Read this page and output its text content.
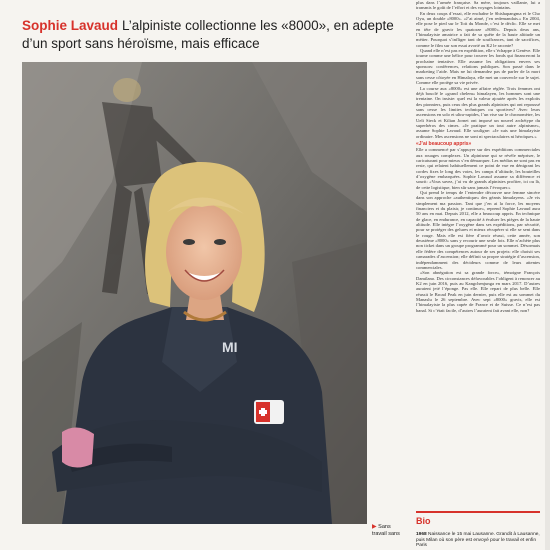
Sophie Lavaud L’alpiniste collectionne les «8000», en adepte d’un sport sans héroïsme, mais efficace
MI
▶ Sans travail sans

plus dans l’armée française. Sa mère, toujours vaillante, lui a transmis le goût de l’effort et des voyages lointains.

En deux coups d’essai, elle enchaîne le Shishapangma et le Cho Oyu, un double «8000». «J’ai aimé, j’en redemandais.» En 2004, elle pose le pied sur le Toit du Monde, c’est le déclic. Elle se met en tête de gravir les quatorze «8000». Depuis deux ans, l’himalayiste amatrice a fait de sa quête de la haute altitude un métier. Pourquoi s’infliger tant de souffrances, tant de sacrifices, comme le film sur son essai avorté au K2 le raconte?

Quand elle n’est pas en expédition, elle s’échappe à Genève. Elle tourne comme une hélice pour trouver les fonds qui financeront la prochaine tentative. Elle assume les obligations envers ses sponsors: conférences, relations publiques. Son passé dans le marketing l’aide. Mais ne lui demandez pas de parler de la mort sans cesse côtoyée en Himalaya, elle met un couvercle sur le sujet. Comme elle protège sa vie privée.

La course aux «8000» est une affaire réglée. Trois femmes ont déjà bouclé le «grand chelem» himalayen, les hommes sont une trentaine. On insiste: quel est la valeur ajoutée après les exploits des pionniers, puis ceux des plus grands alpinistes qui ont repoussé sans cesse les limites techniques ou sportives? Avec leurs ascensions en solo et ultra-rapides, l’un vise sur le chronomètre, les Ueli Steck et Kilian Jornet ont imposé un nouvel archétype du superhéros des cimes. «Je pratique un tout autre alpinisme», assume Sophie Lavaud. Elle souligne: «Je suis une himalayiste ordinaire. Mes ascensions ne sont ni spectaculaires ni héroïques.»

«J’ai beaucoup appris»

Elle a commencé par s’appuyer sur des expéditions commerciales aux rouages complexes. Un alpinisme qui se révèle mépriser, le caricaturant pour mieux s’en démarquer. Les médias ne sont pas en reste, qui relaient habituellement ce point de vue en dénigrant les cordes fixes le long des voies, les camps d’altitude, les bouteilles d’oxygène embarquées. Sophie Lavaud assume sa différence et sourit: «Vous savez, j’ai vu de grands alpinistes profiter, ici ou là, de cette logistique, bien sûr sans jamais l’évoquer.»

Qui prend le temps de l’entendre découvre une femme sincère dans son approche «authentique» des géants himalayens. «Je vis simplement ma passion. Tant que j’en ai la force, les moyens financiers et du plaisir, je continue», reprend Sophie Lavaud aura 50 ans en mai. Depuis 2012, elle a beaucoup appris. En technique de glace, en endurance, en capacité à évaluer les pièges de la haute altitude. Elle intègre l’oxygène dans ses expéditions, par sécurité, pour se protéger des gelures et mieux récupérer si elle se sent dans le rouge. Mais elle est fière d’avoir réussi, cette année, son deuxième «8000» sans y recourir une seule fois. Elle n’achète plus non ticket dans un groupe programmé pour un sommet. Désormais elle fédère des compétences autour de ses projets: elle choisit ses camarades d’ascension; elle définit sa propre stratégie d’ascension, indépendamment des décideurs comme de leurs attentes commerciales.

«Son abnégation est sa grande force», témoigne François Damilano. Des circonstances défavorables l’obligent à renoncer au K2 en juin 2016, puis au Kangchenjunga en mars 2017. D’autres auraient jeté l’éponge. Pas elle. Elle repart de plus belle. Elle réussit le Broad Peak en juin dernier, puis elle est au sommet du Manaslu le 26 septembre. Avec sept «8000» gravis, elle est l’himalayiste la plus capée de France et de Suisse. Ce n’est pas banal. Si c’était facile, d’autres l’auraient fait avant elle, non?

Bio
1968 Naissance le 15 mai Lausanne. Grandit à Lausanne, puis Milan où son père est envoyé pour le travail et enfin Paris
